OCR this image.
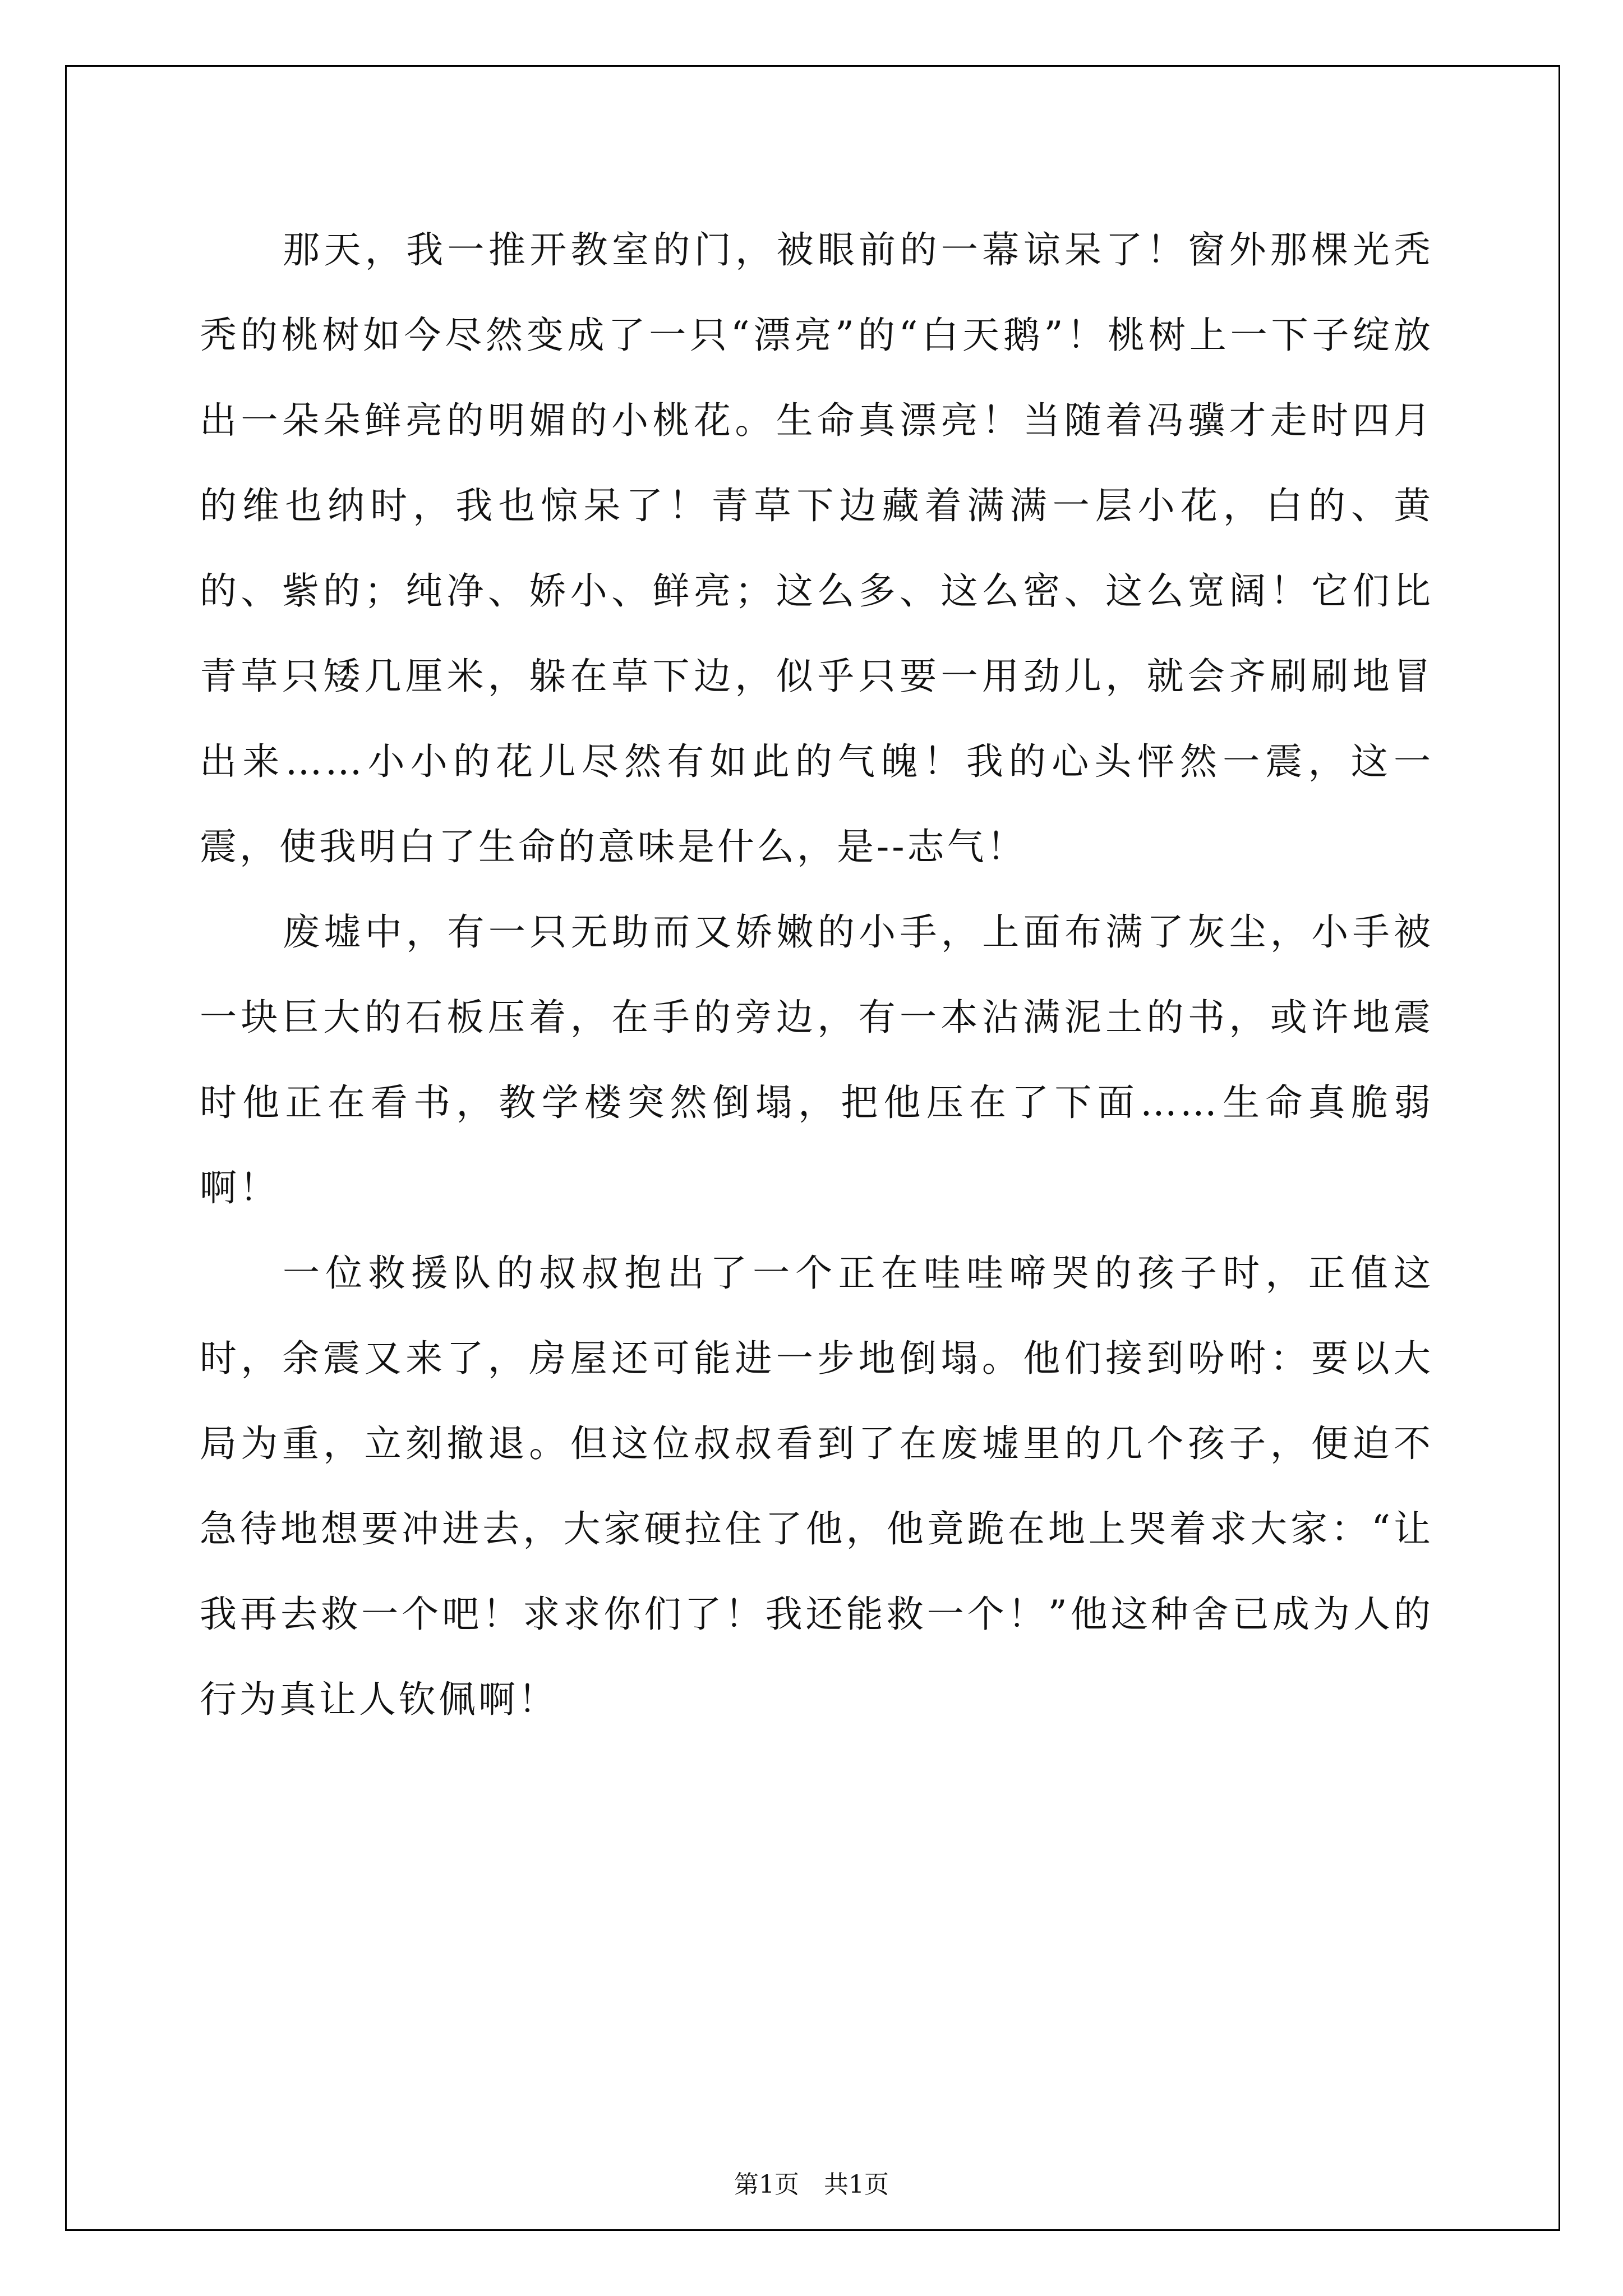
那天，我一推开教室的门，被眼前的一幕谅呆了！窗外那棵光秃秃的桃树如今尽然变成了一只“漂亮”的“白天鹅”！桃树上一下子绽放出一朵朵鲜亮的明媚的小桃花。生命真漂亮！当随着冯骥才走时四月的维也纳时，我也惊呆了！青草下边藏着满满一层小花，白的、黄的、紫的；纯净、娇小、鲜亮；这么多、这么密、这么宽阔！它们比青草只矮几厘米，躲在草下边，似乎只要一用劲儿，就会齐刷刷地冒出来……小小的花儿尽然有如此的气魄！我的心头怦然一震，这一震，使我明白了生命的意味是什么，是--志气！

废墟中，有一只无助而又娇嫩的小手，上面布满了灰尘，小手被一块巨大的石板压着，在手的旁边，有一本沾满泥土的书，或许地震时他正在看书，教学楼突然倒塌，把他压在了下面……生命真脆弱啊！

一位救援队的叔叔抱出了一个正在哇哇啼哭的孩子时，正值这时，余震又来了，房屋还可能进一步地倒塌。他们接到吩咐：要以大局为重，立刻撤退。但这位叔叔看到了在废墟里的几个孩子，便迫不急待地想要冲进去，大家硬拉住了他，他竟跪在地上哭着求大家：“让我再去救一个吧！求求你们了！我还能救一个！”他这种舍已成为人的行为真让人钦佩啊！

第1页 共1页
